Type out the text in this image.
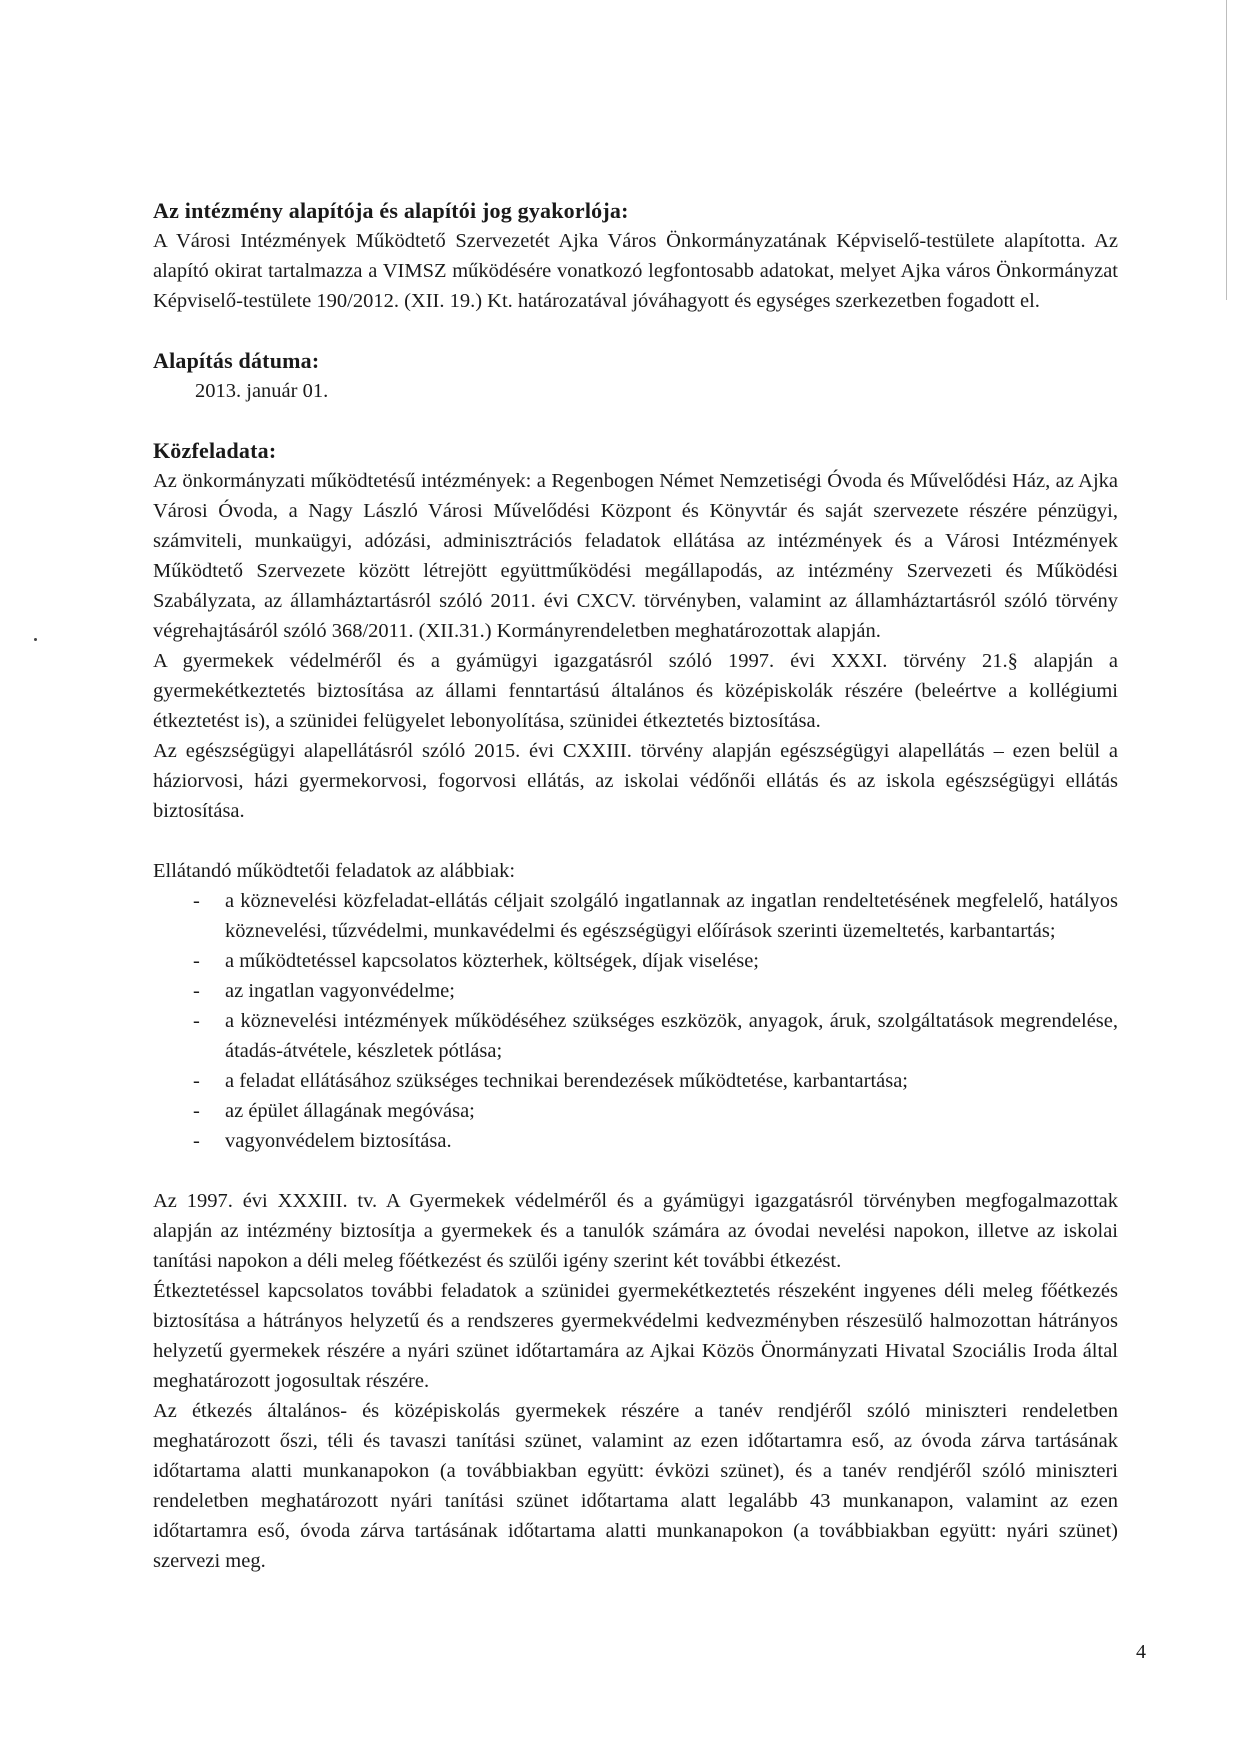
Az intézmény alapítója és alapítói jog gyakorlója:

A Városi Intézmények Működtető Szervezetét Ajka Város Önkormányzatának Képviselő-testülete alapította. Az alapító okirat tartalmazza a VIMSZ működésére vonatkozó legfontosabb adatokat, melyet Ajka város Önkormányzat Képviselő-testülete 190/2012. (XII. 19.) Kt. határozatával jóváhagyott és egységes szerkezetben fogadott el.

Alapítás dátuma:

2013. január 01.

Közfeladata:

Az önkormányzati működtetésű intézmények: a Regenbogen Német Nemzetiségi Óvoda és Művelődési Ház, az Ajka Városi Óvoda, a Nagy László Városi Művelődési Központ és Könyvtár és saját szervezete részére pénzügyi, számviteli, munkaügyi, adózási, adminisztrációs feladatok ellátása az intézmények és a Városi Intézmények Működtető Szervezete között létrejött együttműködési megállapodás, az intézmény Szervezeti és Működési Szabályzata, az államháztartásról szóló 2011. évi CXCV. törvényben, valamint az államháztartásról szóló törvény végrehajtásáról szóló 368/2011. (XII.31.) Kormányrendeletben meghatározottak alapján.

A gyermekek védelméről és a gyámügyi igazgatásról szóló 1997. évi XXXI. törvény 21.§ alapján a gyermekétkeztetés biztosítása az állami fenntartású általános és középiskolák részére (beleértve a kollégiumi étkeztetést is), a szünidei felügyelet lebonyolítása, szünidei étkeztetés biztosítása.

Az egészségügyi alapellátásról szóló 2015. évi CXXIII. törvény alapján egészségügyi alapellátás – ezen belül a háziorvosi, házi gyermekorvosi, fogorvosi ellátás, az iskolai védőnői ellátás és az iskola egészségügyi ellátás biztosítása.

Ellátandó működtetői feladatok az alábbiak:

- a köznevelési közfeladat-ellátás céljait szolgáló ingatlannak az ingatlan rendeltetésének megfelelő, hatályos köznevelési, tűzvédelmi, munkavédelmi és egészségügyi előírások szerinti üzemeltetés, karbantartás;
- a működtetéssel kapcsolatos közterhek, költségek, díjak viselése;
- az ingatlan vagyonvédelme;
- a köznevelési intézmények működéséhez szükséges eszközök, anyagok, áruk, szolgáltatások megrendelése, átadás-átvétele, készletek pótlása;
- a feladat ellátásához szükséges technikai berendezések működtetése, karbantartása;
- az épület állagának megóvása;
- vagyonvédelem biztosítása.

Az 1997. évi XXXIII. tv. A Gyermekek védelméről és a gyámügyi igazgatásról törvényben megfogalmazottak alapján az intézmény biztosítja a gyermekek és a tanulók számára az óvodai nevelési napokon, illetve az iskolai tanítási napokon a déli meleg főétkezést és szülői igény szerint két további étkezést.

Étkeztetéssel kapcsolatos további feladatok a szünidei gyermekétkeztetés részeként ingyenes déli meleg főétkezés biztosítása a hátrányos helyzetű és a rendszeres gyermekvédelmi kedvezményben részesülő halmozottan hátrányos helyzetű gyermekek részére a nyári szünet időtartamára az Ajkai Közös Önormányzati Hivatal Szociális Iroda által meghatározott jogosultak részére.

Az étkezés általános- és középiskolás gyermekek részére a tanév rendjéről szóló miniszteri rendeletben meghatározott őszi, téli és tavaszi tanítási szünet, valamint az ezen időtartamra eső, az óvoda zárva tartásának időtartama alatti munkanapokon (a továbbiakban együtt: évközi szünet), és a tanév rendjéről szóló miniszteri rendeletben meghatározott nyári tanítási szünet időtartama alatt legalább 43 munkanapon, valamint az ezen időtartamra eső, óvoda zárva tartásának időtartama alatti munkanapokon (a továbbiakban együtt: nyári szünet) szervezi meg.

4
